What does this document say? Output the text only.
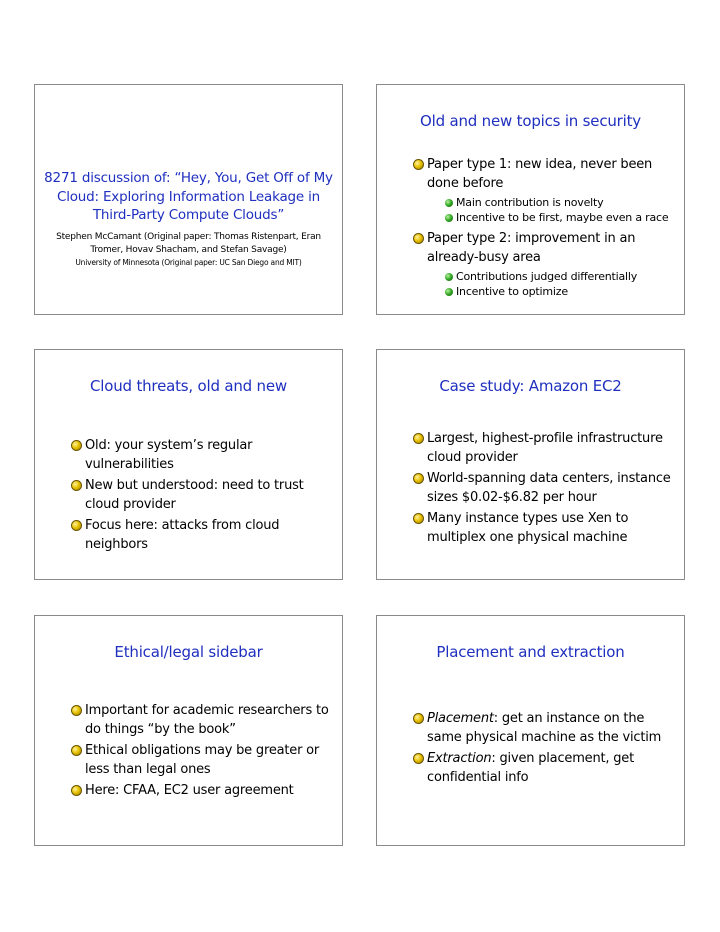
8271 discussion of: “Hey, You, Get Off of My
Cloud: Exploring Information Leakage in
Third-Party Compute Clouds”
Stephen McCamant (Original paper: Thomas Ristenpart, Eran
Tromer, Hovav Shacham, and Stefan Savage)
University of Minnesota (Original paper: UC San Diego and MIT)
Old and new topics in security
Paper type 1: new idea, never been done before
Main contribution is novelty
Incentive to be first, maybe even a race
Paper type 2: improvement in an already-busy area
Contributions judged differentially
Incentive to optimize
Cloud threats, old and new
Old: your system’s regular vulnerabilities
New but understood: need to trust cloud provider
Focus here: attacks from cloud neighbors
Case study: Amazon EC2
Largest, highest-profile infrastructure cloud provider
World-spanning data centers, instance sizes $0.02-$6.82 per hour
Many instance types use Xen to multiplex one physical machine
Ethical/legal sidebar
Important for academic researchers to do things “by the book”
Ethical obligations may be greater or less than legal ones
Here: CFAA, EC2 user agreement
Placement and extraction
Placement: get an instance on the same physical machine as the victim
Extraction: given placement, get confidential info
